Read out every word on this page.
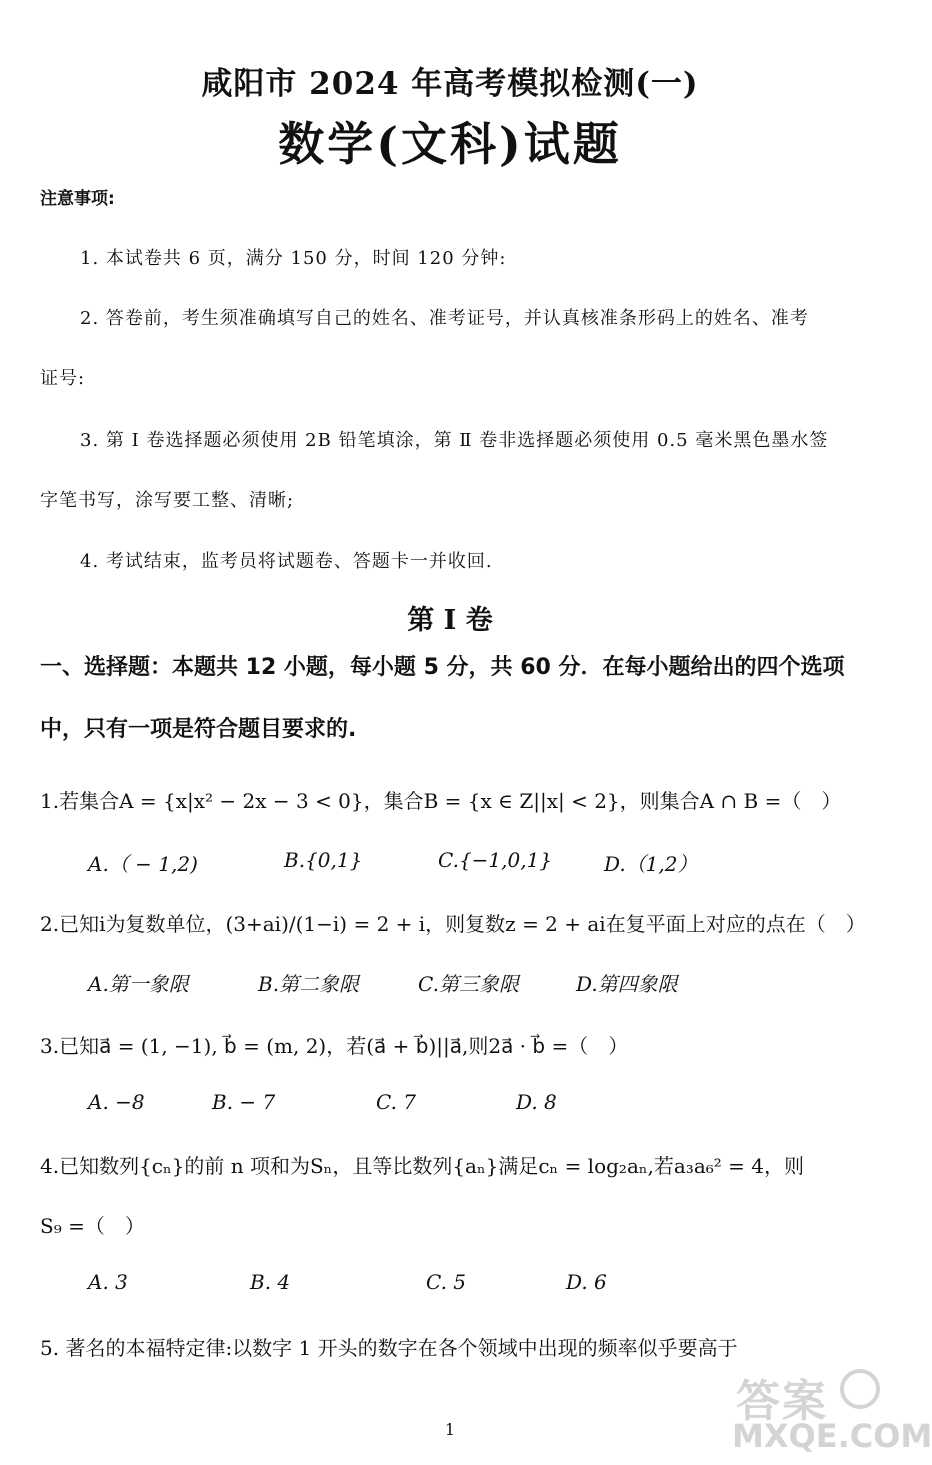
咸阳市 2024 年高考模拟检测(一)
数学(文科)试题
注意事项:
1. 本试卷共 6 页，满分 150 分，时间 120 分钟:
2. 答卷前，考生须准确填写自己的姓名、准考证号，并认真核准条形码上的姓名、准考
证号:
3. 第 Ⅰ 卷选择题必须使用 2B 铅笔填涂，第 Ⅱ 卷非选择题必须使用 0.5 毫米黑色墨水签
字笔书写，涂写要工整、清晰;
4. 考试结束，监考员将试题卷、答题卡一并收回.
第 Ⅰ 卷
一、选择题：本题共 12 小题，每小题 5 分，共 60 分．在每小题给出的四个选项
中，只有一项是符合题目要求的.
1.若集合A = {x|x² − 2x − 3 < 0}，集合B = {x ∈ Z||x| < 2}，则集合A ∩ B =（　）
A.（ − 1,2)	B.{0,1}	C.{−1,0,1}	D.（1,2）
2.已知i为复数单位，(3+ai)/(1−i) = 2 + i，则复数z = 2 + ai在复平面上对应的点在（　）
A.第一象限	B.第二象限	C.第三象限	D.第四象限
3.已知a⃗ = (1, −1), b⃗ = (m, 2)，若(a⃗ + b⃗)||a⃗,则2a⃗ · b⃗ =（　）
A. −8	B. − 7	C. 7	D. 8
4.已知数列{cₙ}的前 n 项和为Sₙ，且等比数列{aₙ}满足cₙ = log₂aₙ,若a₃a₆² = 4，则
S₉ =（　）
A. 3	B. 4	C. 5	D. 6
5. 著名的本福特定律:以数字 1 开头的数字在各个领域中出现的频率似乎要高于
1
答案
MXQE.COM
